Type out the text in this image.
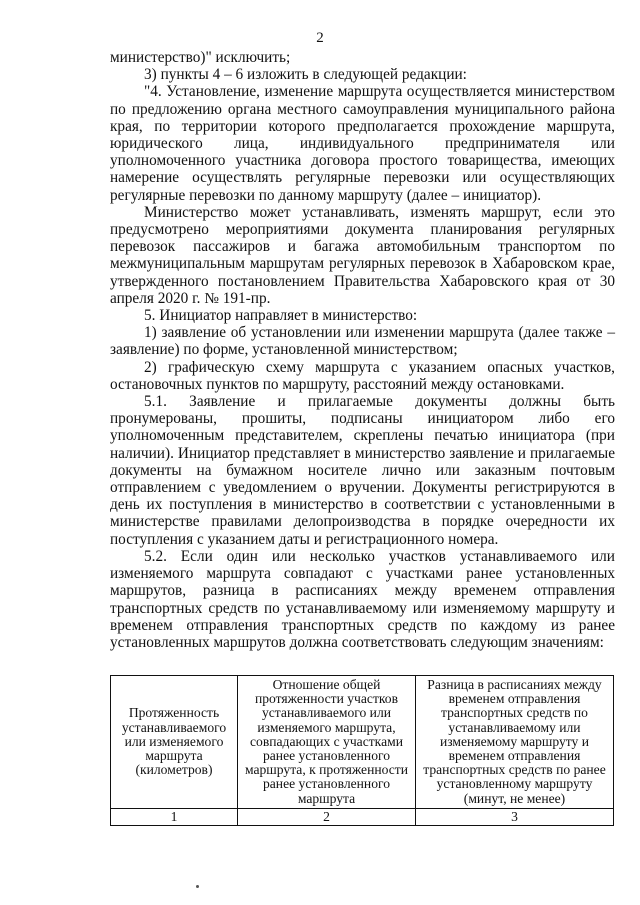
2

министерство)" исключить;

3) пункты 4 – 6 изложить в следующей редакции:

"4. Установление, изменение маршрута осуществляется министерством по предложению органа местного самоуправления муниципального района края, по территории которого предполагается прохождение маршрута, юридического лица, индивидуального предпринимателя или уполномоченного участника договора простого товарищества, имеющих намерение осуществлять регулярные перевозки или осуществляющих регулярные перевозки по данному маршруту (далее – инициатор).

Министерство может устанавливать, изменять маршрут, если это предусмотрено мероприятиями документа планирования регулярных перевозок пассажиров и багажа автомобильным транспортом по межмуниципальным маршрутам регулярных перевозок в Хабаровском крае, утвержденного постановлением Правительства Хабаровского края от 30 апреля 2020 г. № 191-пр.

5. Инициатор направляет в министерство:

1) заявление об установлении или изменении маршрута (далее также – заявление) по форме, установленной министерством;

2) графическую схему маршрута с указанием опасных участков, остановочных пунктов по маршруту, расстояний между остановками.

5.1. Заявление и прилагаемые документы должны быть пронумерованы, прошиты, подписаны инициатором либо его уполномоченным представителем, скреплены печатью инициатора (при наличии). Инициатор представляет в министерство заявление и прилагаемые документы на бумажном носителе лично или заказным почтовым отправлением с уведомлением о вручении. Документы регистрируются в день их поступления в министерство в соответствии с установленными в министерстве правилами делопроизводства в порядке очередности их поступления с указанием даты и регистрационного номера.

5.2. Если один или несколько участков устанавливаемого или изменяемого маршрута совпадают с участками ранее установленных маршрутов, разница в расписаниях между временем отправления транспортных средств по устанавливаемому или изменяемому маршруту и временем отправления транспортных средств по каждому из ранее установленных маршрутов должна соответствовать следующим значениям:

Протяженность устанавливаемого или изменяемого маршрута (километров)	Отношение общей протяженности участков устанавливаемого или изменяемого маршрута, совпадающих с участками ранее установленного маршрута, к протяженности ранее установленного маршрута	Разница в расписаниях между временем отправления транспортных средств по устанавливаемому или изменяемому маршруту и временем отправления транспортных средств по ранее установленному маршруту (минут, не менее)
1	2	3
